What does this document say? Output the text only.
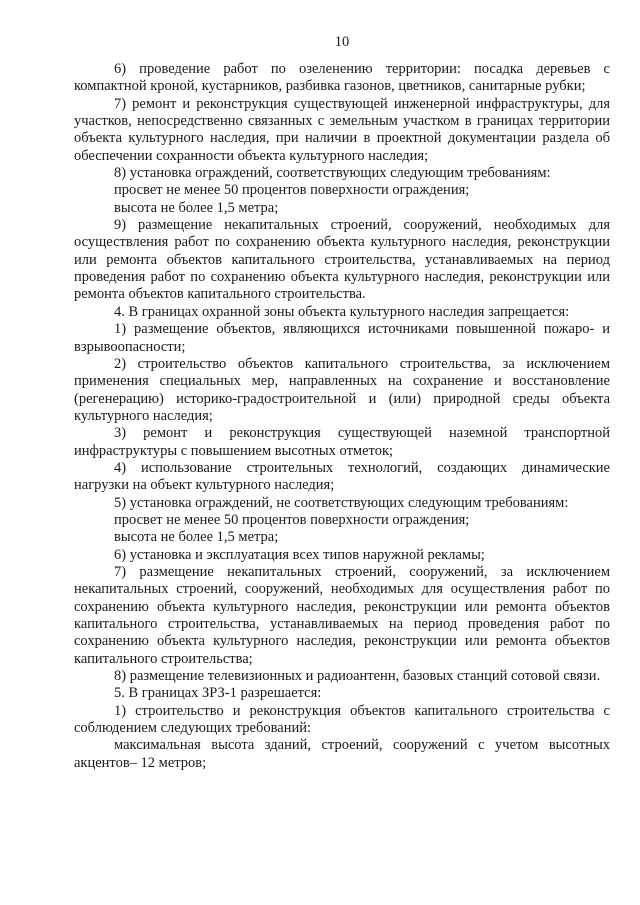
10

6) проведение работ по озеленению территории: посадка деревьев с компактной кроной, кустарников, разбивка газонов, цветников, санитарные рубки;

7) ремонт и реконструкция существующей инженерной инфраструктуры, для участков, непосредственно связанных с земельным участком в границах территории объекта культурного наследия, при наличии в проектной документации раздела об обеспечении сохранности объекта культурного наследия;

8) установка ограждений, соответствующих следующим требованиям:

просвет не менее 50 процентов поверхности ограждения;

высота не более 1,5 метра;

9) размещение некапитальных строений, сооружений, необходимых для осуществления работ по сохранению объекта культурного наследия, реконструкции или ремонта объектов капитального строительства, устанавливаемых на период проведения работ по сохранению объекта культурного наследия, реконструкции или ремонта объектов капитального строительства.

4. В границах охранной зоны объекта культурного наследия запрещается:

1) размещение объектов, являющихся источниками повышенной пожаро- и взрывоопасности;

2) строительство объектов капитального строительства, за исключением применения специальных мер, направленных на сохранение и восстановление (регенерацию) историко-градостроительной и (или) природной среды объекта культурного наследия;

3) ремонт и реконструкция существующей наземной транспортной инфраструктуры с повышением высотных отметок;

4) использование строительных технологий, создающих динамические нагрузки на объект культурного наследия;

5) установка ограждений, не соответствующих следующим требованиям:

просвет не менее 50 процентов поверхности ограждения;

высота не более 1,5 метра;

6) установка и эксплуатация всех типов наружной рекламы;

7) размещение некапитальных строений, сооружений, за исключением некапитальных строений, сооружений, необходимых для осуществления работ по сохранению объекта культурного наследия, реконструкции или ремонта объектов капитального строительства, устанавливаемых на период проведения работ по сохранению объекта культурного наследия, реконструкции или ремонта объектов капитального строительства;

8) размещение телевизионных и радиоантенн, базовых станций сотовой связи.

5. В границах ЗРЗ-1 разрешается:

1) строительство и реконструкция объектов капитального строительства с соблюдением следующих требований:

максимальная высота зданий, строений, сооружений с учетом высотных акцентов– 12 метров;
